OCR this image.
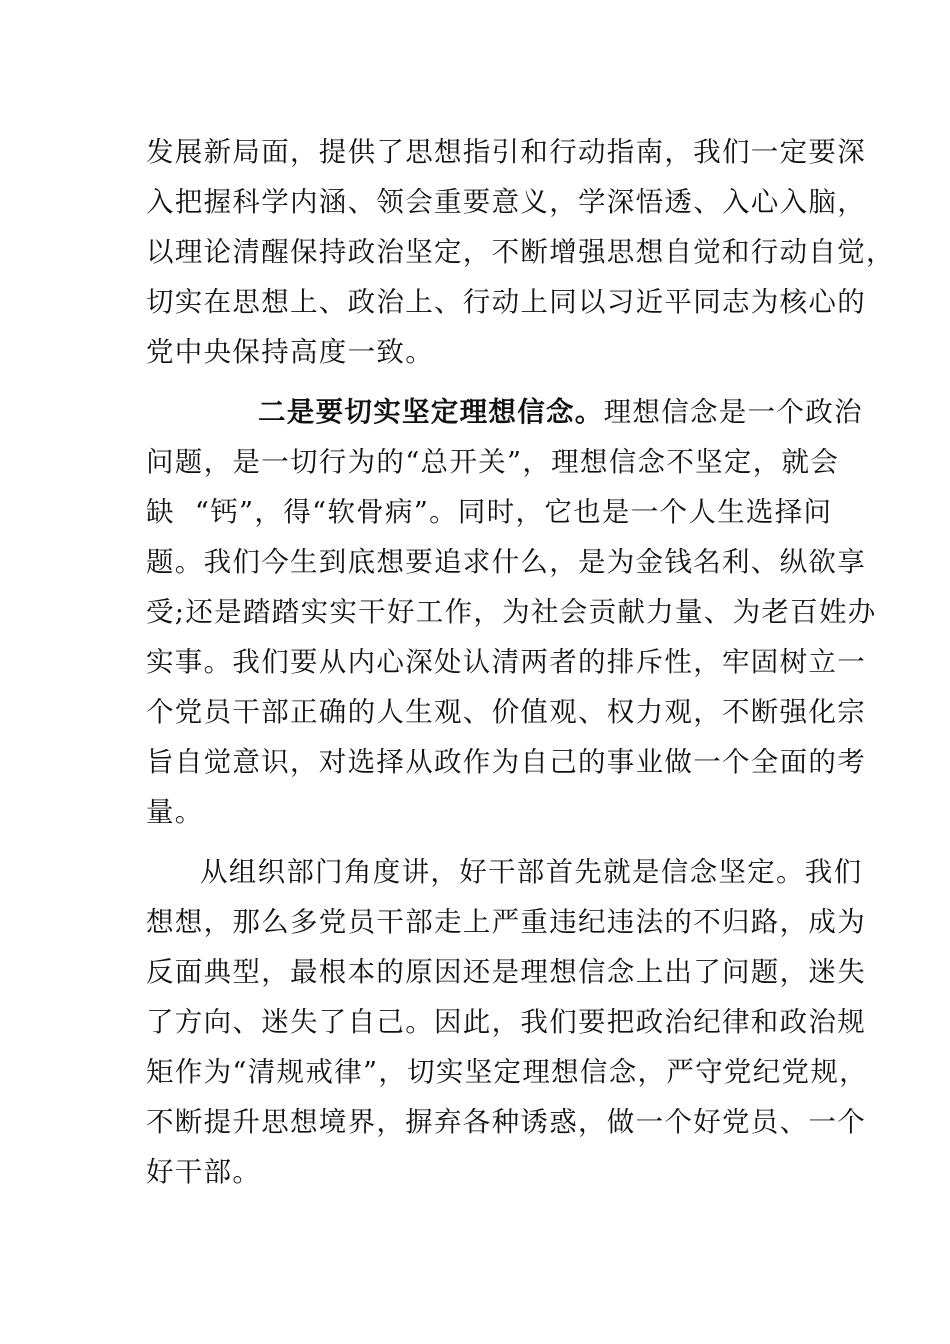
发展新局面，提供了思想指引和行动指南，我们一定要深
入把握科学内涵、领会重要意义，学深悟透、入心入脑，
以理论清醒保持政治坚定，不断增强思想自觉和行动自觉，
切实在思想上、政治上、行动上同以习近平同志为核心的
党中央保持高度一致。
二是要切实坚定理想信念。理想信念是一个政治
问题，是一切行为的“总开关”，理想信念不坚定，就会
缺  “钙”，得“软骨病”。同时，它也是一个人生选择问
题。我们今生到底想要追求什么，是为金钱名利、纵欲享
受;还是踏踏实实干好工作，为社会贡献力量、为老百姓办
实事。我们要从内心深处认清两者的排斥性，牢固树立一
个党员干部正确的人生观、价值观、权力观，不断强化宗
旨自觉意识，对选择从政作为自己的事业做一个全面的考
量。
从组织部门角度讲，好干部首先就是信念坚定。我们
想想，那么多党员干部走上严重违纪违法的不归路，成为
反面典型，最根本的原因还是理想信念上出了问题，迷失
了方向、迷失了自己。因此，我们要把政治纪律和政治规
矩作为“清规戒律”，切实坚定理想信念，严守党纪党规，
不断提升思想境界，摒弃各种诱惑，做一个好党员、一个
好干部。
